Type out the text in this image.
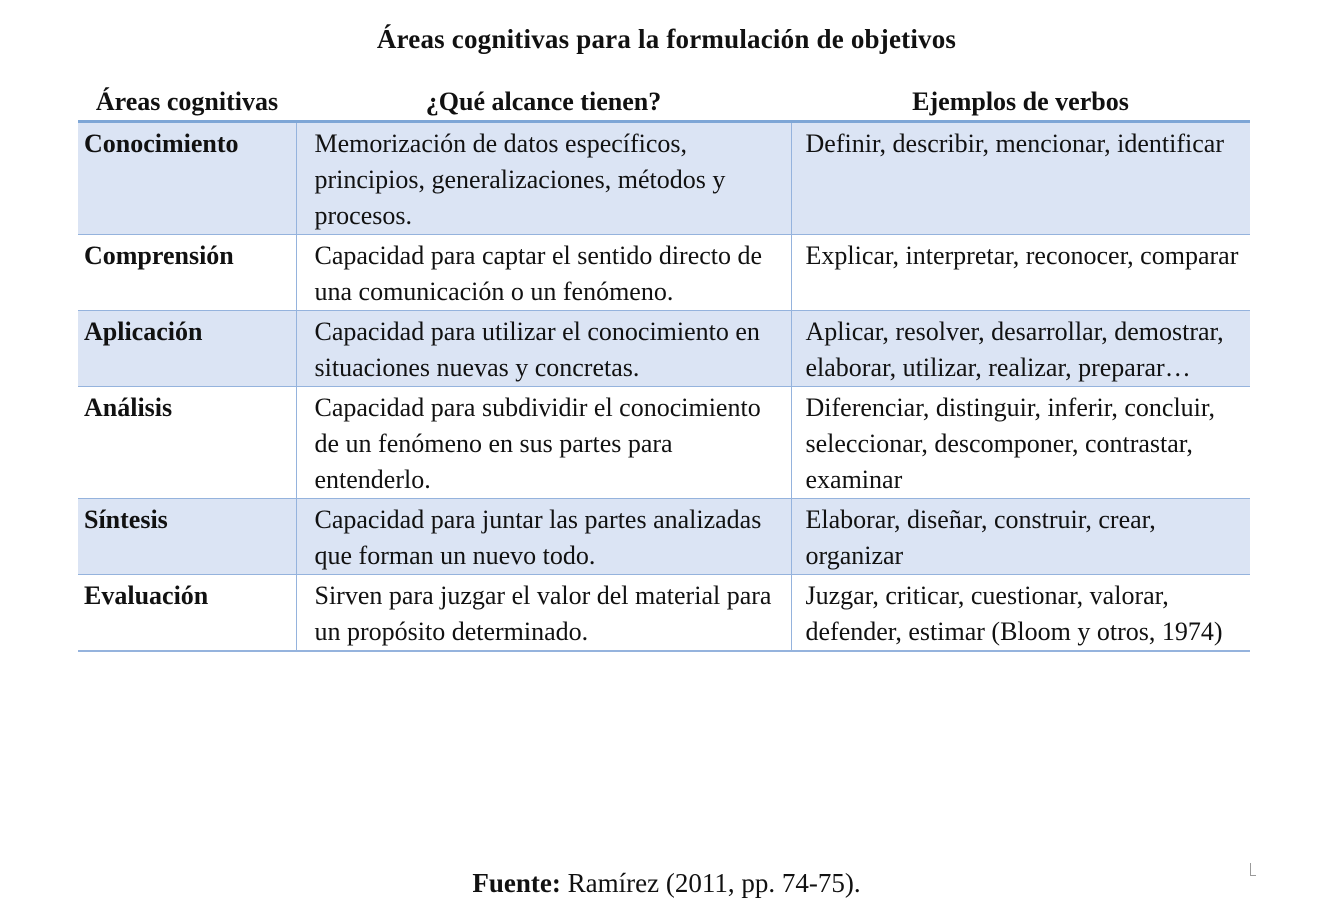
Áreas cognitivas para la formulación de objetivos
Áreas cognitivas	¿Qué alcance tienen?	Ejemplos de verbos
Conocimiento	Memorización de datos específicos, principios, generalizaciones, métodos y procesos.	Definir, describir, mencionar, identificar
Comprensión	Capacidad para captar el sentido directo de una comunicación o un fenómeno.	Explicar, interpretar, reconocer, comparar
Aplicación	Capacidad para utilizar el conocimiento en situaciones nuevas y concretas.	Aplicar, resolver, desarrollar, demostrar, elaborar, utilizar, realizar, preparar…
Análisis	Capacidad para subdividir el conocimiento de un fenómeno en sus partes para entenderlo.	Diferenciar, distinguir, inferir, concluir, seleccionar, descomponer, contrastar, examinar
Síntesis	Capacidad para juntar las partes analizadas que forman un nuevo todo.	Elaborar, diseñar, construir, crear, organizar
Evaluación	Sirven para juzgar el valor del material para un propósito determinado.	Juzgar, criticar, cuestionar, valorar, defender, estimar (Bloom y otros, 1974)
Fuente: Ramírez (2011, pp. 74-75).
